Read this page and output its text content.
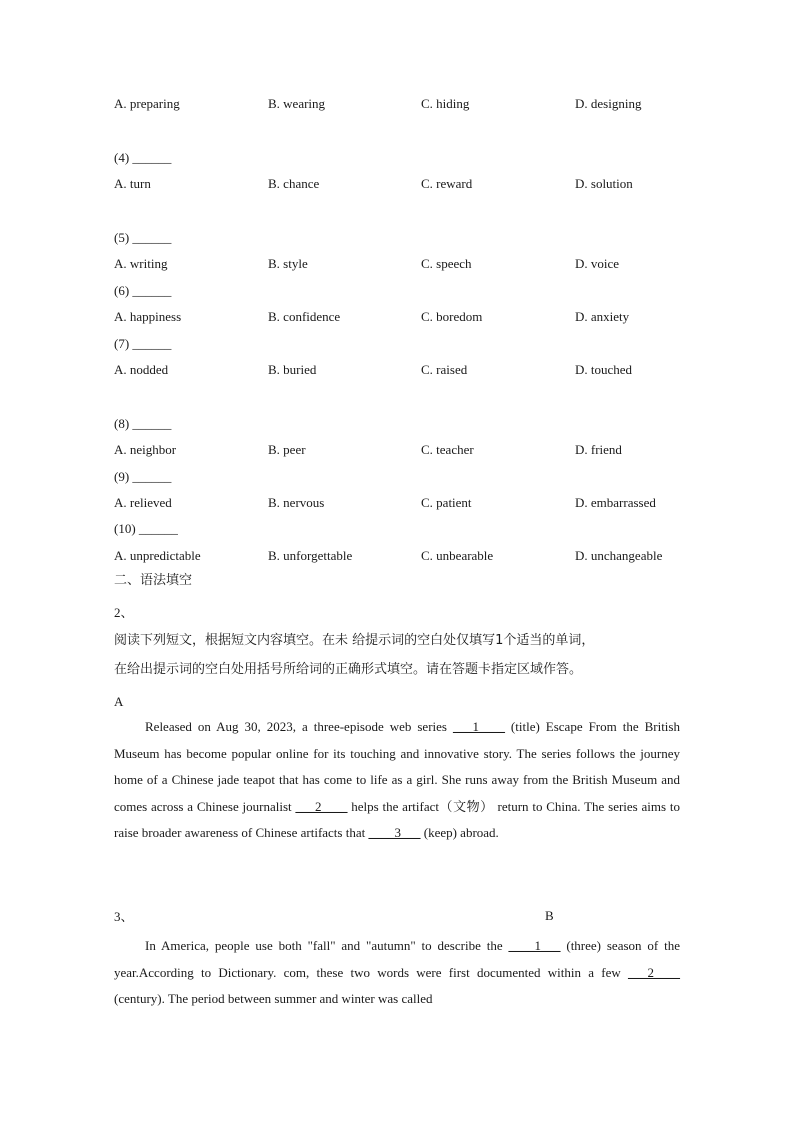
A. preparing	B. wearing	C. hiding	D. designing
(4) ______
A. turn	B. chance	C. reward	D. solution
(5) ______
A. writing	B. style	C. speech	D. voice
(6) ______
A. happiness	B. confidence	C. boredom	D. anxiety
(7) ______
A. nodded	B. buried	C. raised	D. touched
(8) ______
A. neighbor	B. peer	C. teacher	D. friend
(9) ______
A. relieved	B. nervous	C. patient	D. embarrassed
(10) ______
A. unpredictable	B. unforgettable	C. unbearable	D. unchangeable
二、语法填空
2、
阅读下列短文，根据短文内容填空。在未 给提示词的空白处仅填写1个适当的单词，
在给出提示词的空白处用括号所给词的正确形式填空。请在答题卡指定区域作答。
A

Released on Aug 30, 2023, a three-episode web series ___1____ (title) Escape From the British Museum has become popular online for its touching and innovative story. The series follows the journey home of a Chinese jade teapot that has come to life as a girl. She runs away from the British Museum and comes across a Chinese journalist ___2____ helps the artifact（文物） return to China. The series aims to raise broader awareness of Chinese artifacts that ____3___ (keep) abroad.

3、	B

In America, people use both "fall" and "autumn" to describe the ____1___ (three) season of the year.According to Dictionary. com, these two words were first documented within a few ___2____ (century). The period between summer and winter was called
